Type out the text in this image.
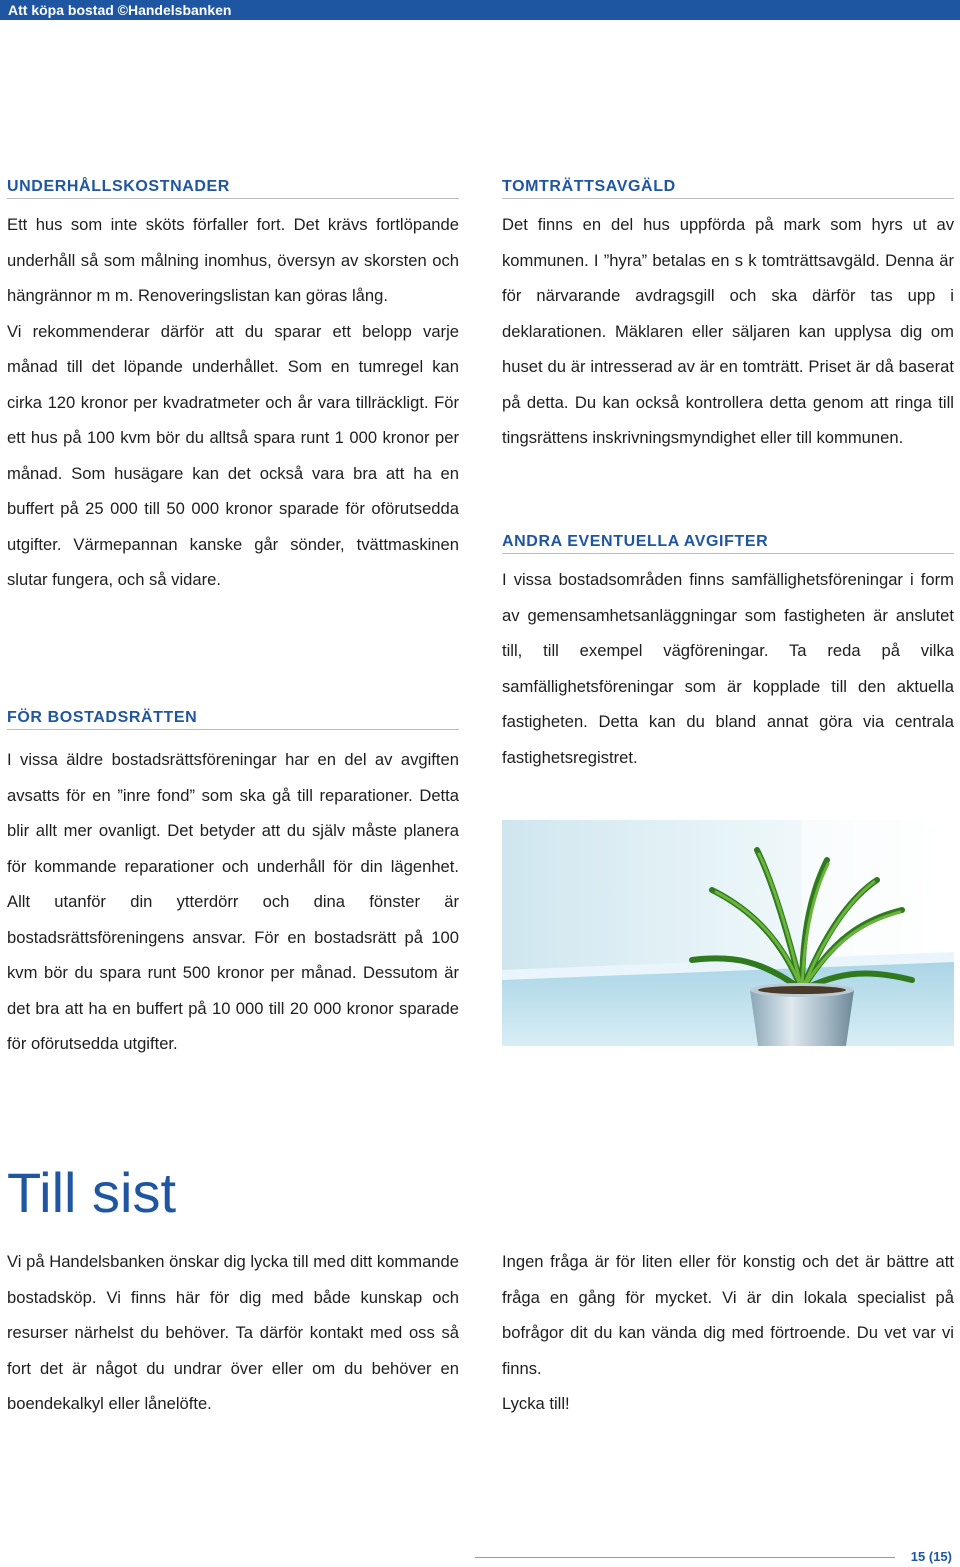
Att köpa bostad ©Handelsbanken
UNDERHÅLLSKOSTNADER

Ett hus som inte sköts förfaller fort. Det krävs fortlöpande underhåll så som målning inomhus, översyn av skorsten och hängrännor m m. Renoveringslistan kan göras lång.

Vi rekommenderar därför att du sparar ett belopp varje månad till det löpande underhållet. Som en tumregel kan cirka 120 kronor per kvadratmeter och år vara tillräckligt. För ett hus på 100 kvm bör du alltså spara runt 1 000 kronor per månad. Som husägare kan det också vara bra att ha en buffert på 25 000 till 50 000 kronor sparade för oförutsedda utgifter. Värmepannan kanske går sönder, tvättmaskinen slutar fungera, och så vidare.

FÖR BOSTADSRÄTTEN

I vissa äldre bostadsrättsföreningar har en del av avgiften avsatts för en ”inre fond” som ska gå till reparationer. Detta blir allt mer ovanligt. Det betyder att du själv måste planera för kommande reparationer och underhåll för din lägenhet. Allt utanför din ytterdörr och dina fönster är bostadsrättsföreningens ansvar. För en bostadsrätt på 100 kvm bör du spara runt 500 kronor per månad. Dessutom är det bra att ha en buffert på 10 000 till 20 000 kronor sparade för oförutsedda utgifter.

TOMTRÄTTSAVGÄLD

Det finns en del hus uppförda på mark som hyrs ut av kommunen. I ”hyra” betalas en s k tomträttsavgäld. Denna är för närvarande avdragsgill och ska därför tas upp i deklarationen. Mäklaren eller säljaren kan upplysa dig om huset du är intresserad av är en tomträtt. Priset är då baserat på detta. Du kan också kontrollera detta genom att ringa till tingsrättens inskrivningsmyndighet eller till kommunen.

ANDRA EVENTUELLA AVGIFTER

I vissa bostadsområden finns samfällighetsföreningar i form av gemensamhetsanläggningar som fastigheten är anslutet till, till exempel vägföreningar. Ta reda på vilka samfällighetsföreningar som är kopplade till den aktuella fastigheten. Detta kan du bland annat göra via centrala fastighetsregistret.

Till sist

Vi på Handelsbanken önskar dig lycka till med ditt kommande bostadsköp. Vi finns här för dig med både kunskap och resurser närhelst du behöver. Ta därför kontakt med oss så fort det är något du undrar över eller om du behöver en boendekalkyl eller lånelöfte.

Ingen fråga är för liten eller för konstig och det är bättre att fråga en gång för mycket. Vi är din lokala specialist på bofrågor dit du kan vända dig med förtroende. Du vet var vi finns.

Lycka till!

15 (15)
